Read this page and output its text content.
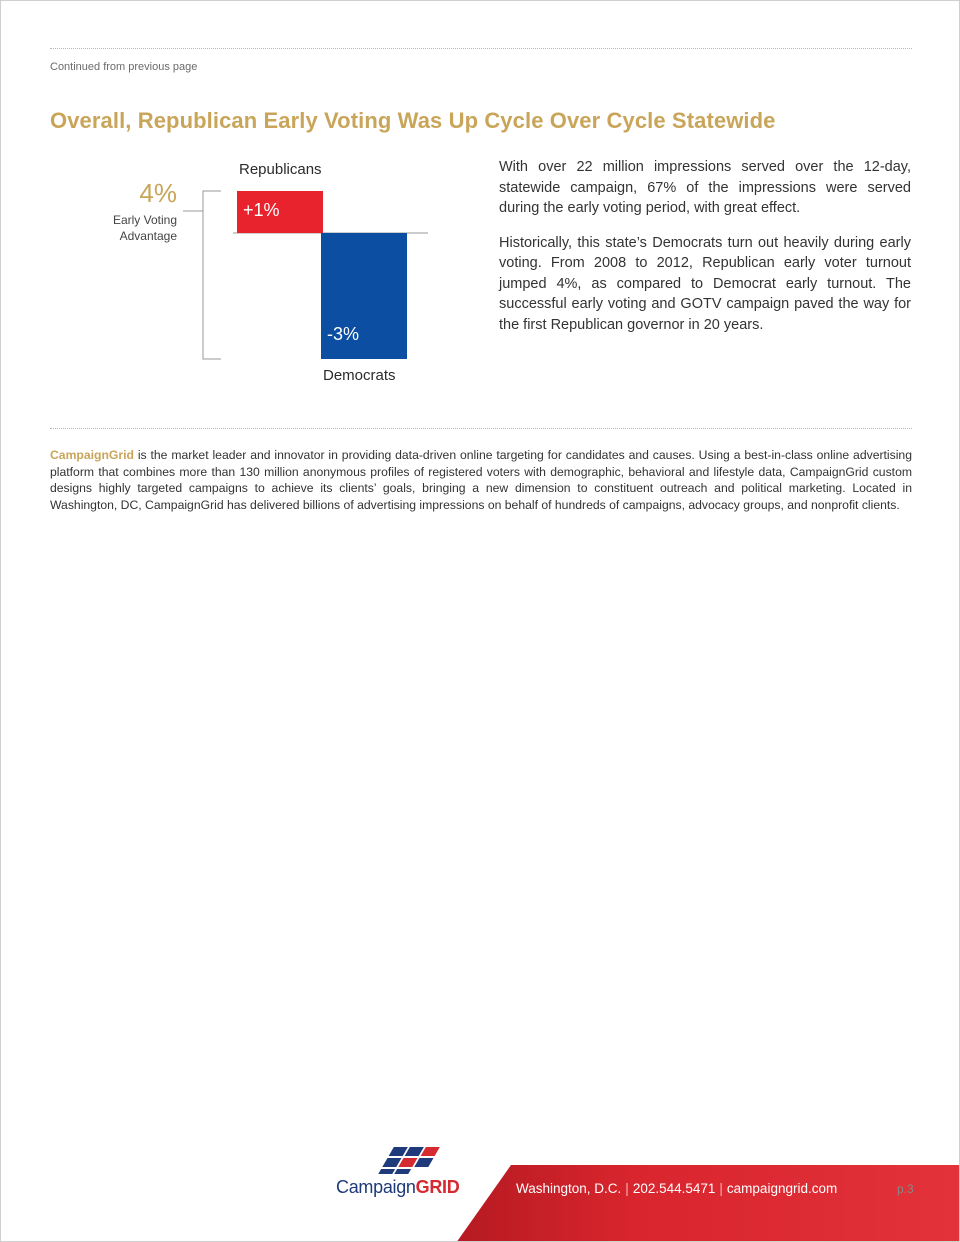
Continued from previous page
Overall, Republican Early Voting Was Up Cycle Over Cycle Statewide
4%
Early Voting
Advantage
+1%
Republicans
-3%
Democrats

With over 22 million impressions served over the 12-day, statewide campaign, 67% of the impressions were served during the early voting period, with great effect.

Historically, this state’s Democrats turn out heavily during early voting. From 2008 to 2012, Republican early voter turnout jumped 4%, as compared to Democrat early turnout. The successful early voting and GOTV campaign paved the way for the first Republican governor in 20 years.

CampaignGrid is the market leader and innovator in providing data-driven online targeting for candidates and causes. Using a best-in-class online advertising platform that combines more than 130 million anonymous profiles of registered voters with demographic, behavioral and lifestyle data, CampaignGrid custom designs highly targeted campaigns to achieve its clients’ goals, bringing a new dimension to constituent outreach and political marketing. Located in Washington, DC, CampaignGrid has delivered billions of advertising impressions on behalf of hundreds of campaigns, advocacy groups, and nonprofit clients.
CampaignGRID	Washington, D.C. | 202.544.5471 | campaigngrid.com	p.3
